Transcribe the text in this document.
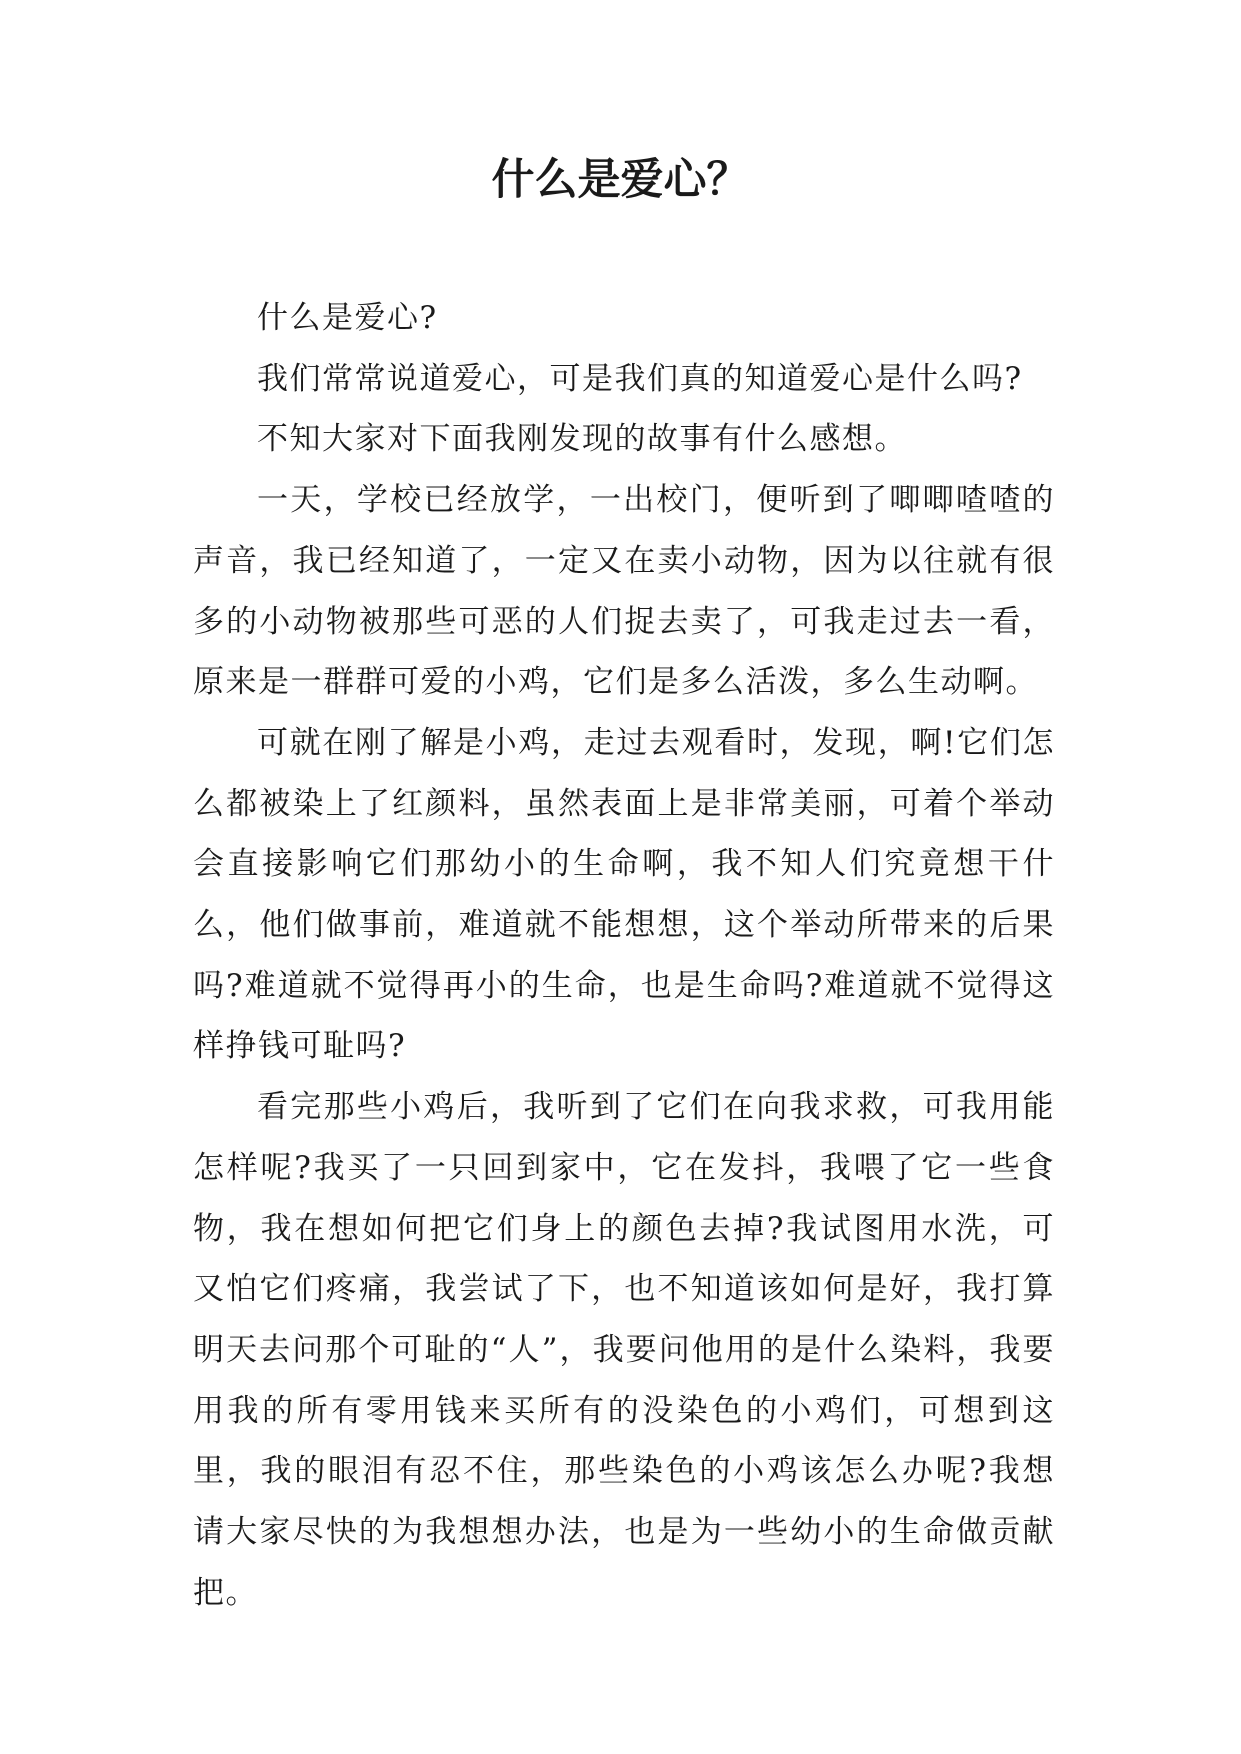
什么是爱心？

什么是爱心?

我们常常说道爱心，可是我们真的知道爱心是什么吗?

不知大家对下面我刚发现的故事有什么感想。

一天，学校已经放学，一出校门，便听到了唧唧喳喳的声音，我已经知道了，一定又在卖小动物，因为以往就有很多的小动物被那些可恶的人们捉去卖了，可我走过去一看，原来是一群群可爱的小鸡，它们是多么活泼，多么生动啊。

可就在刚了解是小鸡，走过去观看时，发现，啊!它们怎么都被染上了红颜料，虽然表面上是非常美丽，可着个举动会直接影响它们那幼小的生命啊，我不知人们究竟想干什么，他们做事前，难道就不能想想，这个举动所带来的后果吗?难道就不觉得再小的生命，也是生命吗?难道就不觉得这样挣钱可耻吗?

看完那些小鸡后，我听到了它们在向我求救，可我用能怎样呢?我买了一只回到家中，它在发抖，我喂了它一些食物，我在想如何把它们身上的颜色去掉?我试图用水洗，可又怕它们疼痛，我尝试了下，也不知道该如何是好，我打算明天去问那个可耻的“人”，我要问他用的是什么染料，我要用我的所有零用钱来买所有的没染色的小鸡们，可想到这里，我的眼泪有忍不住，那些染色的小鸡该怎么办呢?我想请大家尽快的为我想想办法，也是为一些幼小的生命做贡献把。
